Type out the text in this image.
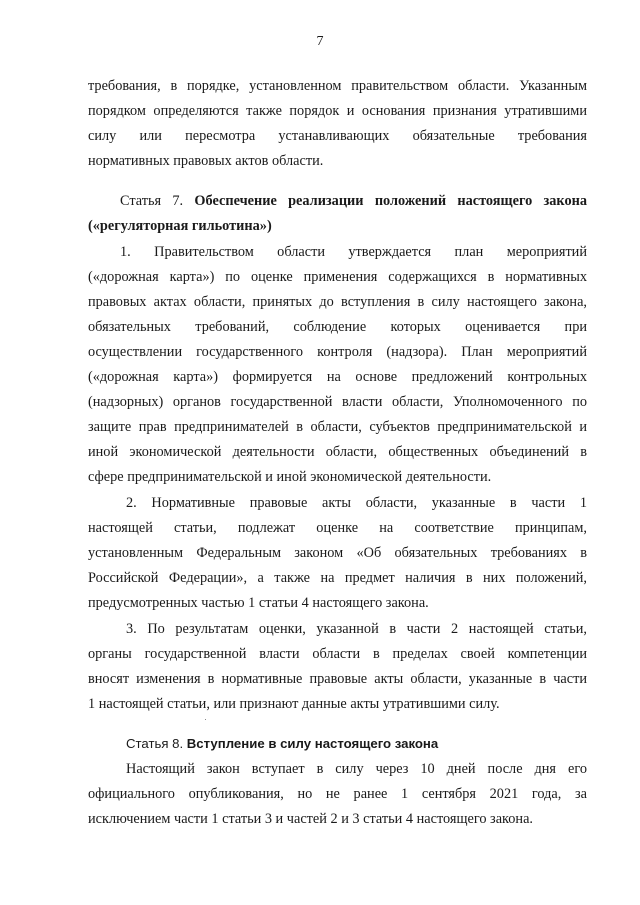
7
требования, в порядке, установленном правительством области. Указанным
порядком определяются также порядок и основания признания утратившими
силу или пересмотра устанавливающих обязательные требования
нормативных правовых актов области.
Статья 7. Обеспечение реализации положений настоящего закона
(«регуляторная гильотина»)
1. Правительством области утверждается план мероприятий
(«дорожная карта») по оценке применения содержащихся в нормативных
правовых актах области, принятых до вступления в силу настоящего закона,
обязательных требований, соблюдение которых оценивается при
осуществлении государственного контроля (надзора). План мероприятий
(«дорожная карта») формируется на основе предложений контрольных
(надзорных) органов государственной власти области, Уполномоченного по
защите прав предпринимателей в области, субъектов предпринимательской и
иной экономической деятельности области, общественных объединений в
сфере предпринимательской и иной экономической деятельности.
2. Нормативные правовые акты области, указанные в части 1
настоящей статьи, подлежат оценке на соответствие принципам,
установленным Федеральным законом «Об обязательных требованиях в
Российской Федерации», а также на предмет наличия в них положений,
предусмотренных частью 1 статьи 4 настоящего закона.
3. По результатам оценки, указанной в части 2 настоящей статьи,
органы государственной власти области в пределах своей компетенции
вносят изменения в нормативные правовые акты области, указанные в части
1 настоящей статьи, или признают данные акты утратившими силу.
Статья 8. Вступление в силу настоящего закона
Настоящий закон вступает в силу через 10 дней после дня его
официального опубликования, но не ранее 1 сентября 2021 года, за
исключением части 1 статьи 3 и частей 2 и 3 статьи 4 настоящего закона.
